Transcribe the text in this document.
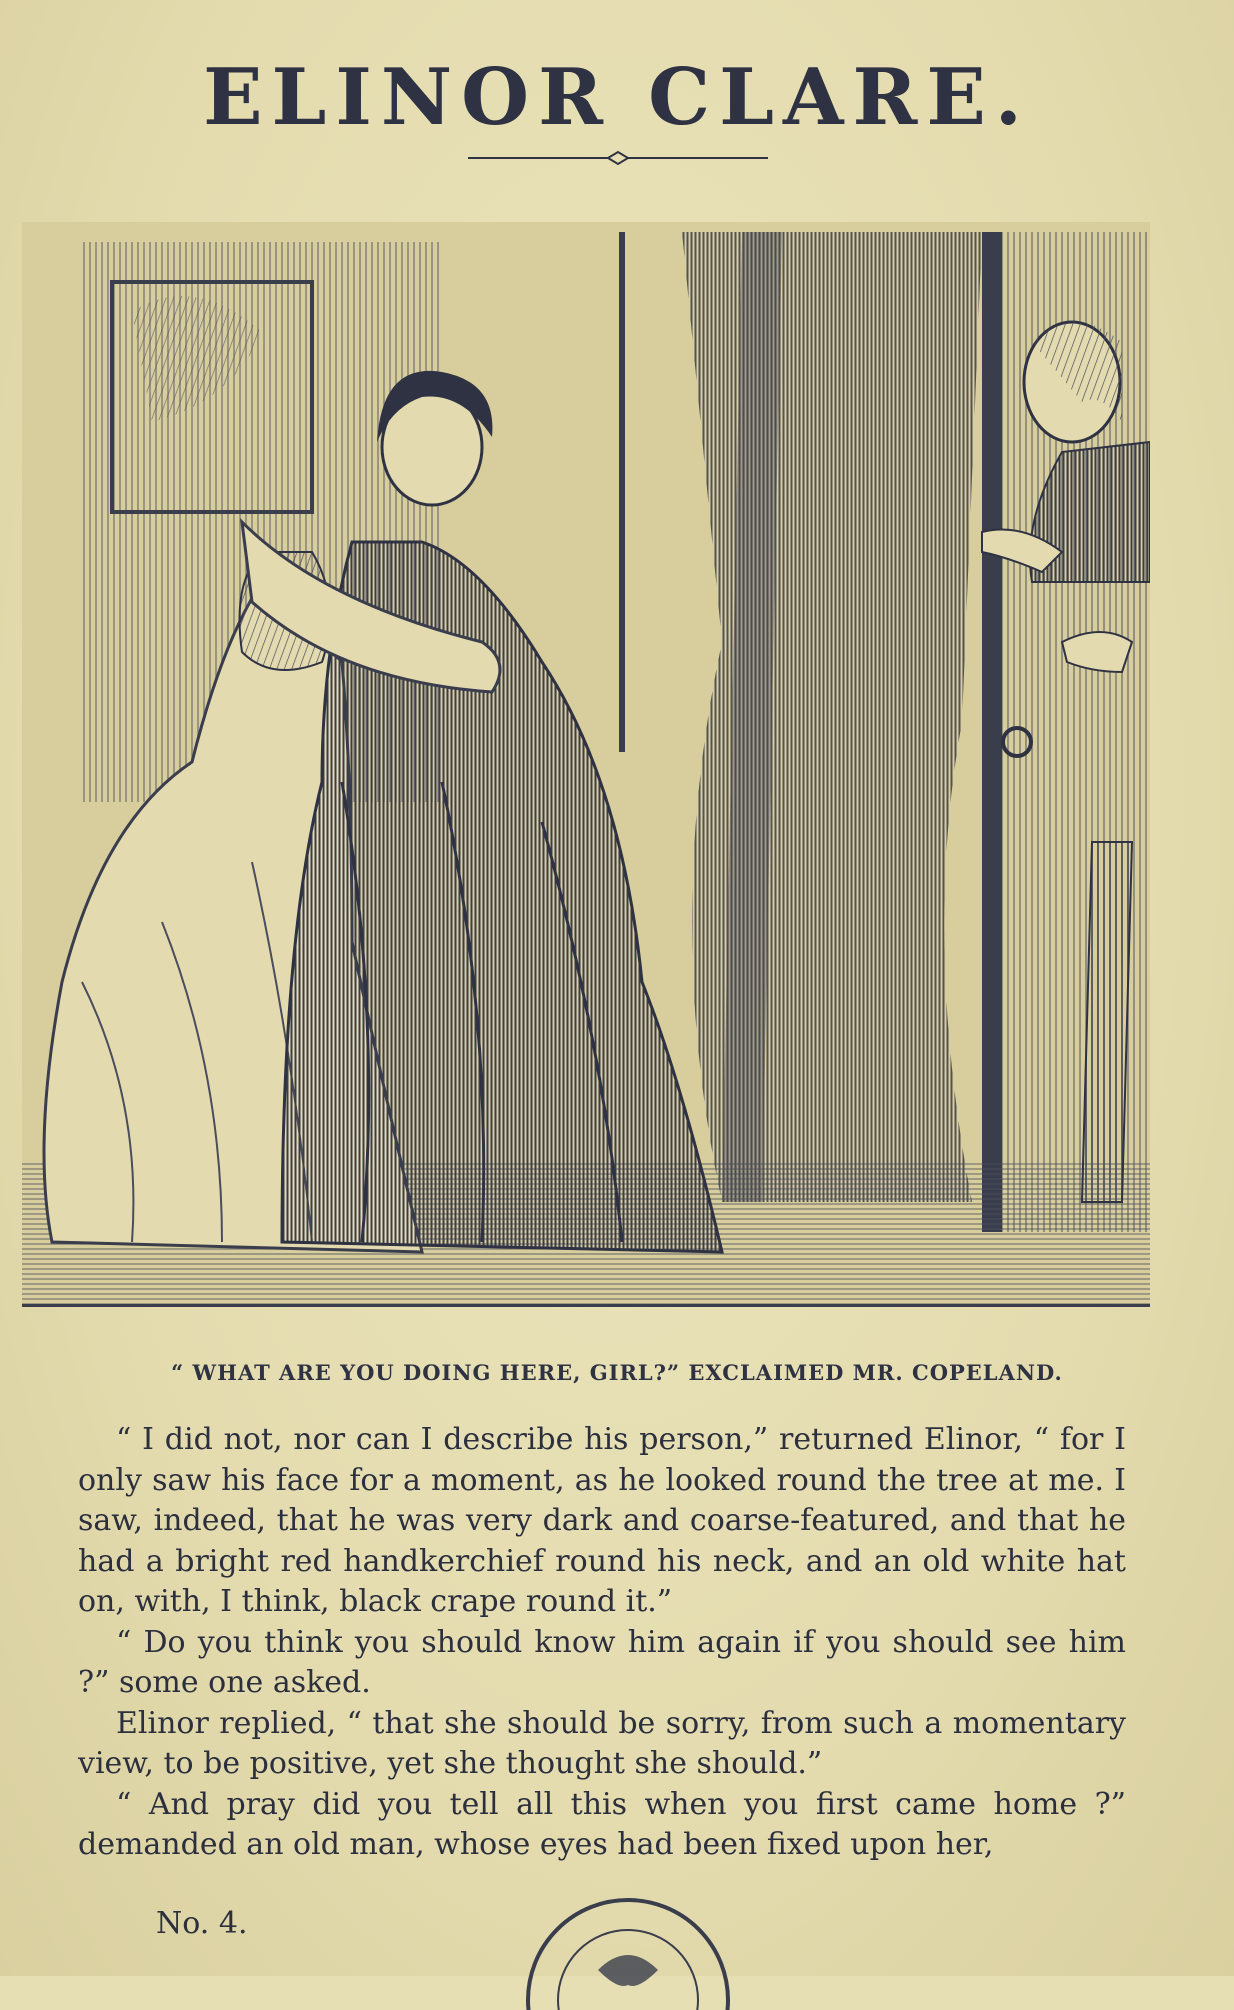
ELINOR CLARE.
“ WHAT ARE YOU DOING HERE, GIRL?” EXCLAIMED MR. COPELAND.

“ I did not, nor can I describe his person,” returned Elinor, “ for I only saw his face for a moment, as he looked round the tree at me. I saw, indeed, that he was very dark and coarse-featured, and that he had a bright red handkerchief round his neck, and an old white hat on, with, I think, black crape round it.”

“ Do you think you should know him again if you should see him ?” some one asked.

Elinor replied, “ that she should be sorry, from such a momentary view, to be positive, yet she thought she should.”

“ And pray did you tell all this when you first came home ?” demanded an old man, whose eyes had been fixed upon her,

No. 4.
